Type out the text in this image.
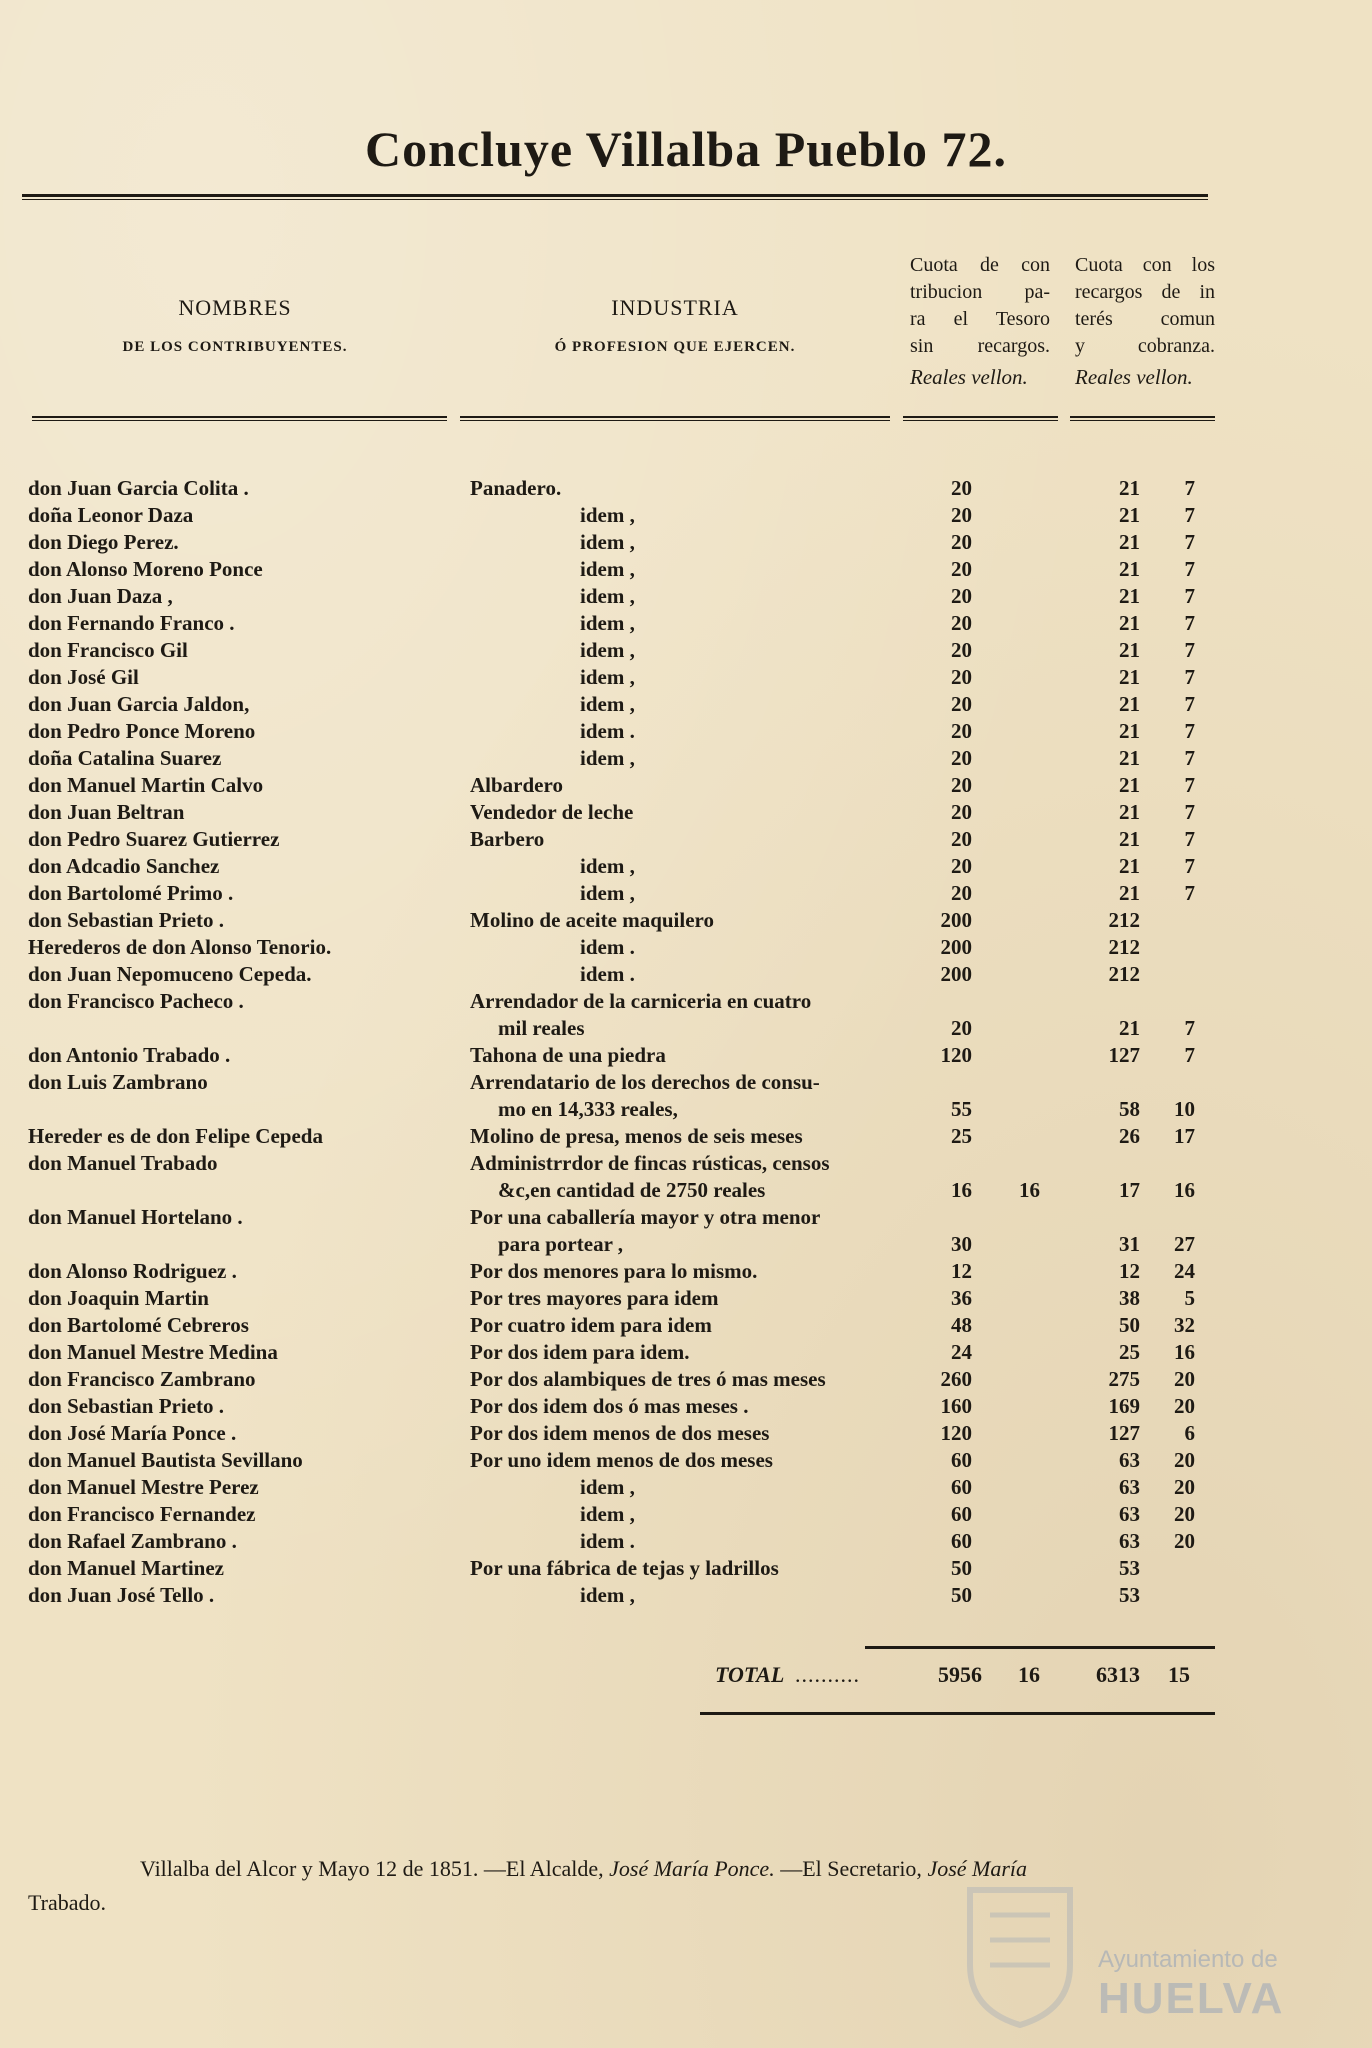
Concluye Villalba Pueblo 72.
NOMBRES
DE LOS CONTRIBUYENTES.
INDUSTRIA
Ó PROFESION QUE EJERCEN.
Cuota de con
tribucion pa-
ra el Tesoro
sin recargos.
Reales vellon.
Cuota con los
recargos de in
terés comun
y cobranza.
Reales vellon.
don Juan Garcia Colita .	Panadero.	20	21	7
doña Leonor Daza	idem ,	20	21	7
don Diego Perez.	idem ,	20	21	7
don Alonso Moreno Ponce	idem ,	20	21	7
don Juan Daza ,	idem ,	20	21	7
don Fernando Franco .	idem ,	20	21	7
don Francisco Gil	idem ,	20	21	7
don José Gil	idem ,	20	21	7
don Juan Garcia Jaldon,	idem ,	20	21	7
don Pedro Ponce Moreno	idem .	20	21	7
doña Catalina Suarez	idem ,	20	21	7
don Manuel Martin Calvo	Albardero	20	21	7
don Juan Beltran	Vendedor de leche	20	21	7
don Pedro Suarez Gutierrez	Barbero	20	21	7
don Adcadio Sanchez	idem ,	20	21	7
don Bartolomé Primo .	idem ,	20	21	7
don Sebastian Prieto .	Molino de aceite maquilero	200	212
Herederos de don Alonso Tenorio.	idem .	200	212
don Juan Nepomuceno Cepeda.	idem .	200	212
don Francisco Pacheco .	Arrendador de la carniceria en cuatro
mil reales	20	21	7
don Antonio Trabado .	Tahona de una piedra	120	127	7
don Luis Zambrano	Arrendatario de los derechos de consu-
mo en 14,333 reales,	55	58	10
Hereder es de don Felipe Cepeda	Molino de presa, menos de seis meses	25	26	17
don Manuel Trabado	Administrrdor de fincas rústicas, censos
&c,en cantidad de 2750 reales	16	16	17	16
don Manuel Hortelano .	Por una caballería mayor y otra menor
para portear ,	30	31	27
don Alonso Rodriguez .	Por dos menores para lo mismo.	12	12	24
don Joaquin Martin	Por tres mayores para idem	36	38	5
don Bartolomé Cebreros	Por cuatro idem para idem	48	50	32
don Manuel Mestre Medina	Por dos idem para idem.	24	25	16
don Francisco Zambrano	Por dos alambiques de tres ó mas meses	260	275	20
don Sebastian Prieto .	Por dos idem dos ó mas meses .	160	169	20
don José María Ponce .	Por dos idem menos de dos meses	120	127	6
don Manuel Bautista Sevillano	Por uno idem menos de dos meses	60	63	20
don Manuel Mestre Perez	idem ,	60	63	20
don Francisco Fernandez	idem ,	60	63	20
don Rafael Zambrano .	idem .	60	63	20
don Manuel Martinez	Por una fábrica de tejas y ladrillos	50	53
don Juan José Tello .	idem ,	50	53
TOTAL ..........	5956	16	6313	15
Villalba del Alcor y Mayo 12 de 1851. —El Alcalde, José María Ponce. —El Secretario, José María
Trabado.
Ayuntamiento de
HUELVA
